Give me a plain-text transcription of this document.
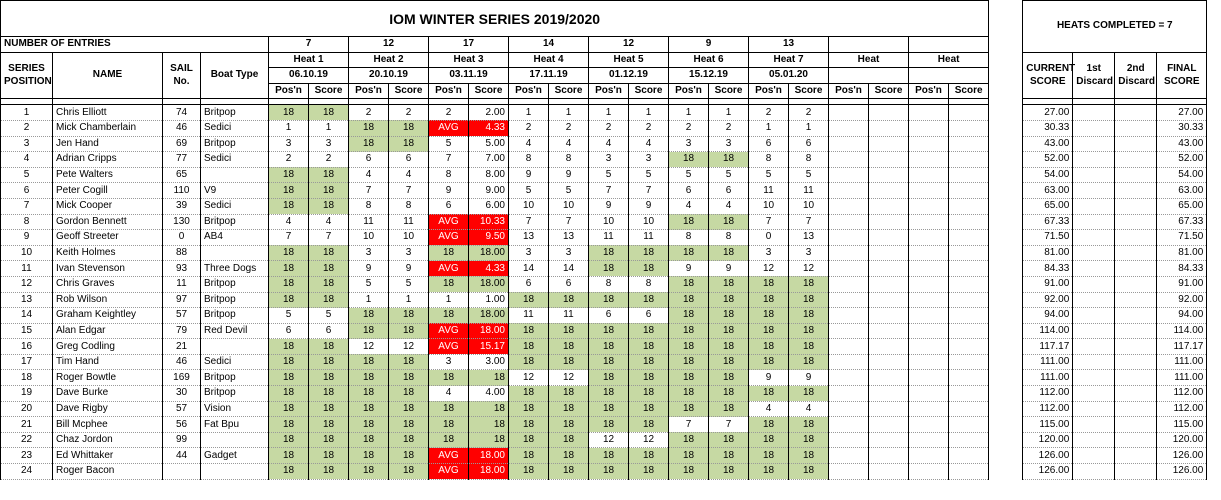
IOM WINTER SERIES 2019/2020																							HEATS COMPLETED = 7				
NUMBER OF ENTRIES				7		12		17		14		12		9		13											
SERIES POSITION	NAME	SAIL No.	Boat Type	Heat 1		Heat 2		Heat 3		Heat 4		Heat 5		Heat 6		Heat 7		Heat		Heat			CURRENT SCORE	1st Discard	2nd Discard	FINAL SCORE	
				06.10.19		20.10.19		03.11.19		17.11.19		01.12.19		15.12.19		05.01.20											
				Pos'n	Score	Pos'n	Score	Pos'n	Score	Pos'n	Score	Pos'n	Score	Pos'n	Score	Pos'n	Score	Pos'n	Score	Pos'n	Score						

1	Chris Elliott	74	Britpop	18	18	2	2	2	2.00	1	1	1	1	1	1	2	2						27.00			27.00	
2	Mick Chamberlain	46	Sedici	1	1	18	18	AVG	4.33	2	2	2	2	2	2	1	1						30.33			30.33	
3	Jen Hand	69	Britpop	3	3	18	18	5	5.00	4	4	4	4	3	3	6	6						43.00			43.00	
4	Adrian Cripps	77	Sedici	2	2	6	6	7	7.00	8	8	3	3	18	18	8	8						52.00			52.00	
5	Pete Walters	65		18	18	4	4	8	8.00	9	9	5	5	5	5	5	5						54.00			54.00	
6	Peter Cogill	110	V9	18	18	7	7	9	9.00	5	5	7	7	6	6	11	11						63.00			63.00	
7	Mick Cooper	39	Sedici	18	18	8	8	6	6.00	10	10	9	9	4	4	10	10						65.00			65.00	
8	Gordon Bennett	130	Britpop	4	4	11	11	AVG	10.33	7	7	10	10	18	18	7	7						67.33			67.33	
9	Geoff Streeter	0	AB4	7	7	10	10	AVG	9.50	13	13	11	11	8	8	0	13						71.50			71.50	
10	Keith Holmes	88		18	18	3	3	18	18.00	3	3	18	18	18	18	3	3						81.00			81.00	
11	Ivan Stevenson	93	Three Dogs	18	18	9	9	AVG	4.33	14	14	18	18	9	9	12	12						84.33			84.33	
12	Chris Graves	11	Britpop	18	18	5	5	18	18.00	6	6	8	8	18	18	18	18						91.00			91.00	
13	Rob Wilson	97	Britpop	18	18	1	1	1	1.00	18	18	18	18	18	18	18	18						92.00			92.00	
14	Graham Keightley	57	Britpop	5	5	18	18	18	18.00	11	11	6	6	18	18	18	18						94.00			94.00	
15	Alan Edgar	79	Red Devil	6	6	18	18	AVG	18.00	18	18	18	18	18	18	18	18						114.00			114.00	
16	Greg Codling	21		18	18	12	12	AVG	15.17	18	18	18	18	18	18	18	18						117.17			117.17	
17	Tim Hand	46	Sedici	18	18	18	18	3	3.00	18	18	18	18	18	18	18	18						111.00			111.00	
18	Roger Bowtle	169	Britpop	18	18	18	18	18	18	12	12	18	18	18	18	9	9						111.00			111.00	
19	Dave Burke	30	Britpop	18	18	18	18	4	4.00	18	18	18	18	18	18	18	18						112.00			112.00	
20	Dave Rigby	57	Vision	18	18	18	18	18	18	18	18	18	18	18	18	4	4						112.00			112.00	
21	Bill Mcphee	56	Fat Bpu	18	18	18	18	18	18	18	18	18	18	7	7	18	18						115.00			115.00	
22	Chaz Jordon	99		18	18	18	18	18	18	18	18	12	12	18	18	18	18						120.00			120.00	
23	Ed Whittaker	44	Gadget	18	18	18	18	AVG	18.00	18	18	18	18	18	18	18	18						126.00			126.00	
24	Roger Bacon			18	18	18	18	AVG	18.00	18	18	18	18	18	18	18	18						126.00			126.00	
